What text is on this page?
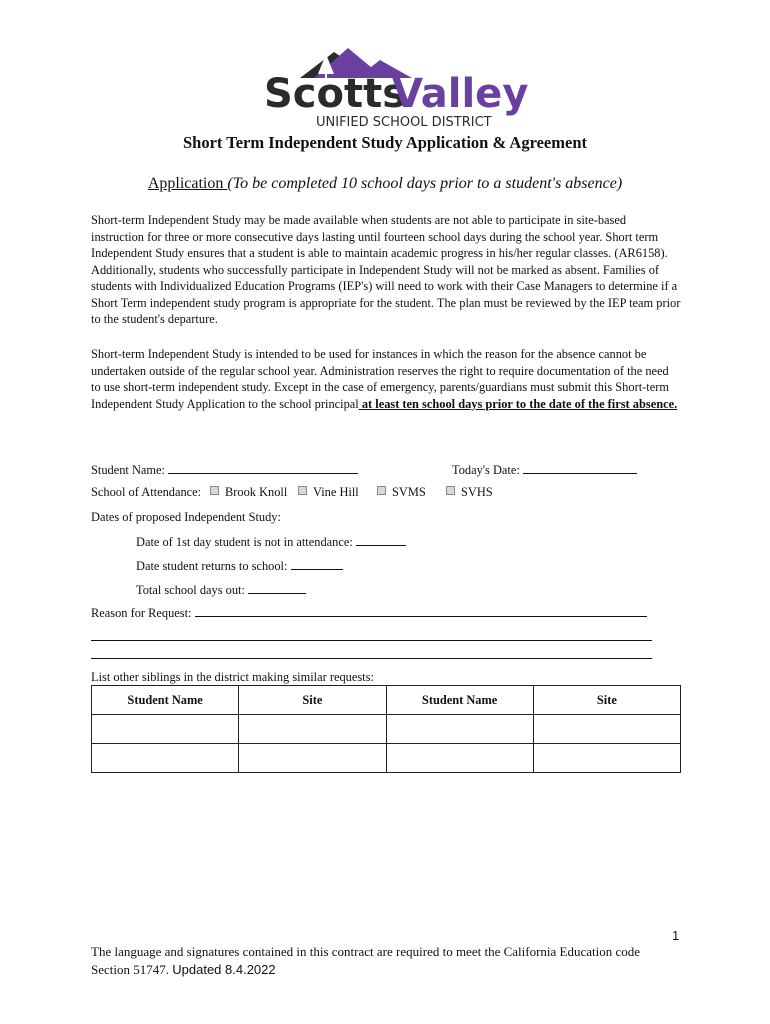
Scotts
Valley
UNIFIED SCHOOL DISTRICT
Short Term Independent Study Application & Agreement
Application (To be completed 10 school days prior to a student's absence)
Short-term Independent Study may be made available when students are not able to participate in site-based instruction for three or more consecutive days lasting until fourteen school days during the school year. Short term Independent Study ensures that a student is able to maintain academic progress in his/her regular classes. (AR6158). Additionally, students who successfully participate in Independent Study will not be marked as absent. Families of students with Individualized Education Programs (IEP's) will need to work with their Case Managers to determine if a Short Term independent study program is appropriate for the student. The plan must be reviewed by the IEP team prior to the student's departure.
Short-term Independent Study is intended to be used for instances in which the reason for the absence cannot be undertaken outside of the regular school year. Administration reserves the right to require documentation of the need to use short-term independent study. Except in the case of emergency, parents/guardians must submit this Short-term Independent Study Application to the school principal at least ten school days prior to the date of the first absence.
Student Name:	Today's Date:
School of Attendance:	Brook Knoll	Vine Hill	SVMS	SVHS
Dates of proposed Independent Study:
Date of 1st day student is not in attendance:
Date student returns to school:
Total school days out:
Reason for Request:
List other siblings in the district making similar requests:
Student Name	Site	Student Name	Site

1
The language and signatures contained in this contract are required to meet the California Education code
Section 51747. Updated 8.4.2022
